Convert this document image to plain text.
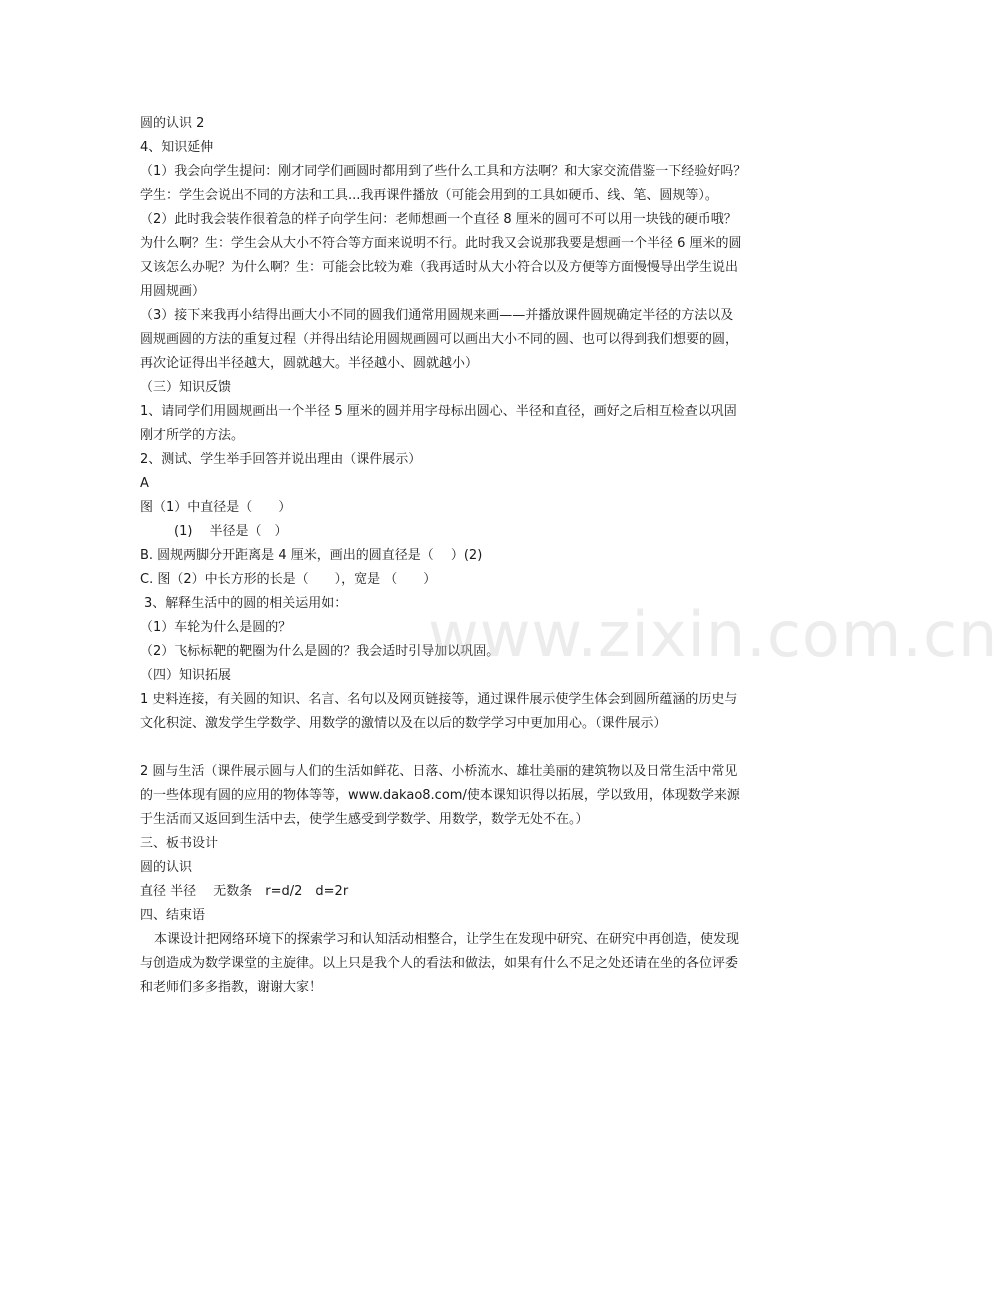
圆的认识 2
4、知识延伸
（1）我会向学生提问：刚才同学们画圆时都用到了些什么工具和方法啊？和大家交流借鉴一下经验好吗？
学生：学生会说出不同的方法和工具...我再课件播放（可能会用到的工具如硬币、线、笔、圆规等）。
（2）此时我会装作很着急的样子向学生问：老师想画一个直径 8 厘米的圆可不可以用一块钱的硬币哦？
为什么啊？生：学生会从大小不符合等方面来说明不行。此时我又会说那我要是想画一个半径 6 厘米的圆
又该怎么办呢？为什么啊？生：可能会比较为难（我再适时从大小符合以及方便等方面慢慢导出学生说出
用圆规画）
（3）接下来我再小结得出画大小不同的圆我们通常用圆规来画——并播放课件圆规确定半径的方法以及
圆规画圆的方法的重复过程（并得出结论用圆规画圆可以画出大小不同的圆、也可以得到我们想要的圆，
再次论证得出半径越大，圆就越大。半径越小、圆就越小）
（三）知识反馈
1、请同学们用圆规画出一个半径 5 厘米的圆并用字母标出圆心、半径和直径，画好之后相互检查以巩固
刚才所学的方法。
2、测试、学生举手回答并说出理由（课件展示）
A
图（1）中直径是（　　）
(1)　 半径是（　）
B. 圆规两脚分开距离是 4 厘米，画出的圆直径是（　 ）(2)
C. 图（2）中长方形的长是（　　），宽是 （　　）
3、解释生活中的圆的相关运用如：
（1）车轮为什么是圆的？
（2）飞标标靶的靶圈为什么是圆的？我会适时引导加以巩固。
（四）知识拓展
1 史料连接，有关圆的知识、名言、名句以及网页链接等，通过课件展示使学生体会到圆所蕴涵的历史与
文化积淀、激发学生学数学、用数学的激情以及在以后的数学学习中更加用心。（课件展示）
2 圆与生活（课件展示圆与人们的生活如鲜花、日落、小桥流水、雄壮美丽的建筑物以及日常生活中常见
的一些体现有圆的应用的物体等等，www.dakao8.com/使本课知识得以拓展，学以致用，体现数学来源
于生活而又返回到生活中去，使学生感受到学数学、用数学，数学无处不在。）
三、板书设计
圆的认识
直径 半径　 无数条　r=d/2　d=2r
四、结束语
本课设计把网络环境下的探索学习和认知活动相整合，让学生在发现中研究、在研究中再创造，使发现
与创造成为数学课堂的主旋律。以上只是我个人的看法和做法，如果有什么不足之处还请在坐的各位评委
和老师们多多指教，谢谢大家！
www.zixin.com.cn
